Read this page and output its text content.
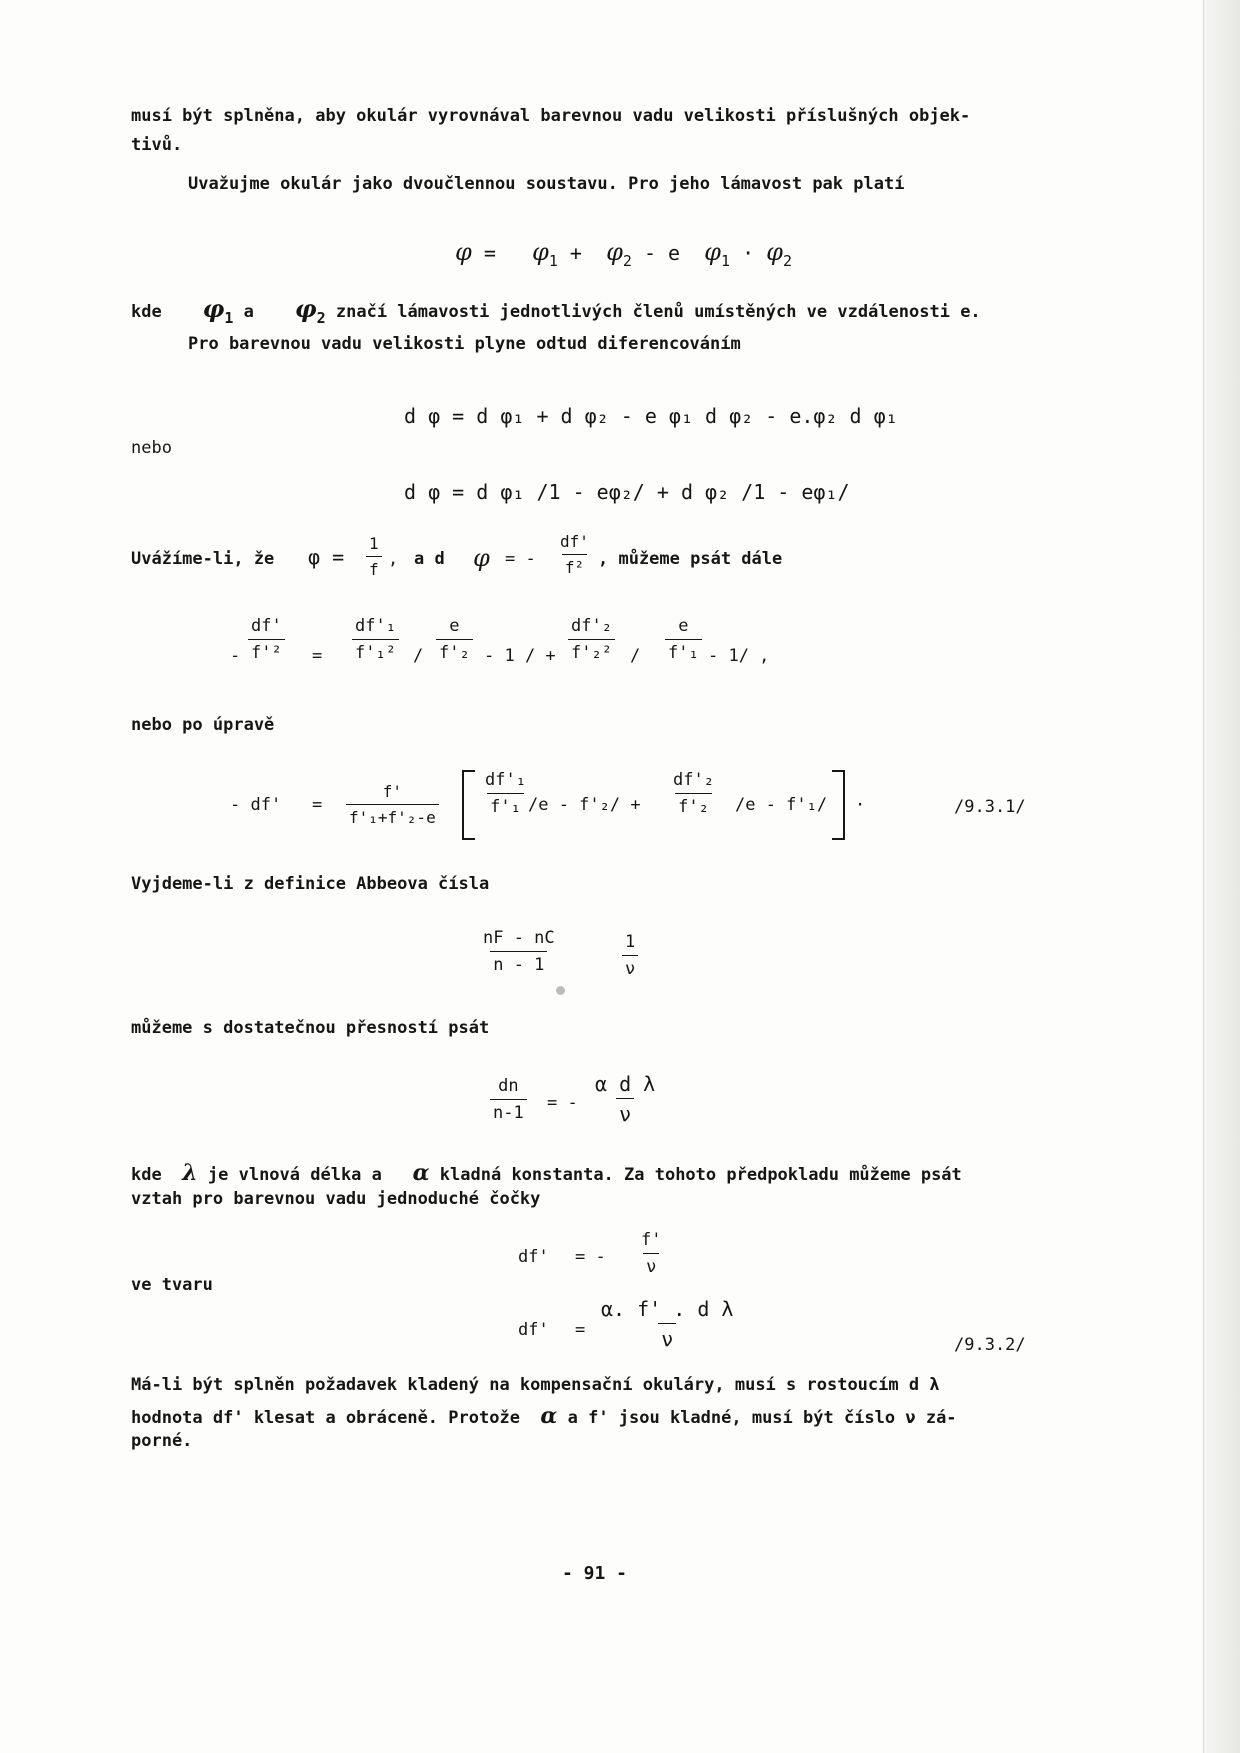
musí být splněna, aby okulár vyrovnával barevnou vadu velikosti příslušných objek-
tivů.
Uvažujme okulár jako dvoučlennou soustavu. Pro jeho lámavost pak platí
$\varphi = \varphi_1 + \varphi_2 - e$ $\varphi_1 \cdot \varphi_2$
kde φ1 a φ2 značí lámavosti jednotlivých členů umístěných ve vzdálenosti e.
Pro barevnou vadu velikosti plyne odtud diferencováním
d φ = d φ₁ + d φ₂ - e φ₁ d φ₂ - e.φ₂ d φ₁
nebo
d φ = d φ₁ /1 - eφ₂/ + d φ₂ /1 - eφ₁/
Uvážíme-li, že $\varphi = \frac{1}{f}$ , a d φ = - $\frac{df'}{\text{f²}}$ , můžeme psát dále
- $\frac{df'}{\text{f'²}} = \frac{\text{df'₁}}{\text{f'₁²}} / \frac{e}{\text{f'₂}} - 1$ / + $\frac{\text{df'₂}}{\text{f'₂²}} / \frac{e}{\text{f'₁}} - 1/$ ,
nebo po úpravě
- $df' = \frac{f'}{\text{f'₁+f'₂-e}}$	$\frac{\text{df'₁}}{\text{f'₁}} /e - f'_2/ + \frac{\text{df'₂}}{\text{f'₂}} /e - f'_1/$ ·	/9.3.1/
Vyjdeme-li z definice Abbeova čísla
$\frac{nF - nC}{n - 1}$	$\frac{1}{\nu}$
můžeme s dostatečnou přesností psát
$\frac{dn}{n-1}$ = - $\frac{\text{α d λ}}{\nu}$
kde λ je vlnová délka a α kladná konstanta. Za tohoto předpokladu můžeme psát
vztah pro barevnou vadu jednoduché čočky
df' = - $\frac{f'}{\nu}$
ve tvaru
$df' = \frac{\text{α. f' . d λ}}{\nu}$	/9.3.2/
Má-li být splněn požadavek kladený na kompensační okuláry, musí s rostoucím d λ
hodnota df' klesat a obráceně. Protože α a f' jsou kladné, musí být číslo ν zá-
porné.
- 91 -
